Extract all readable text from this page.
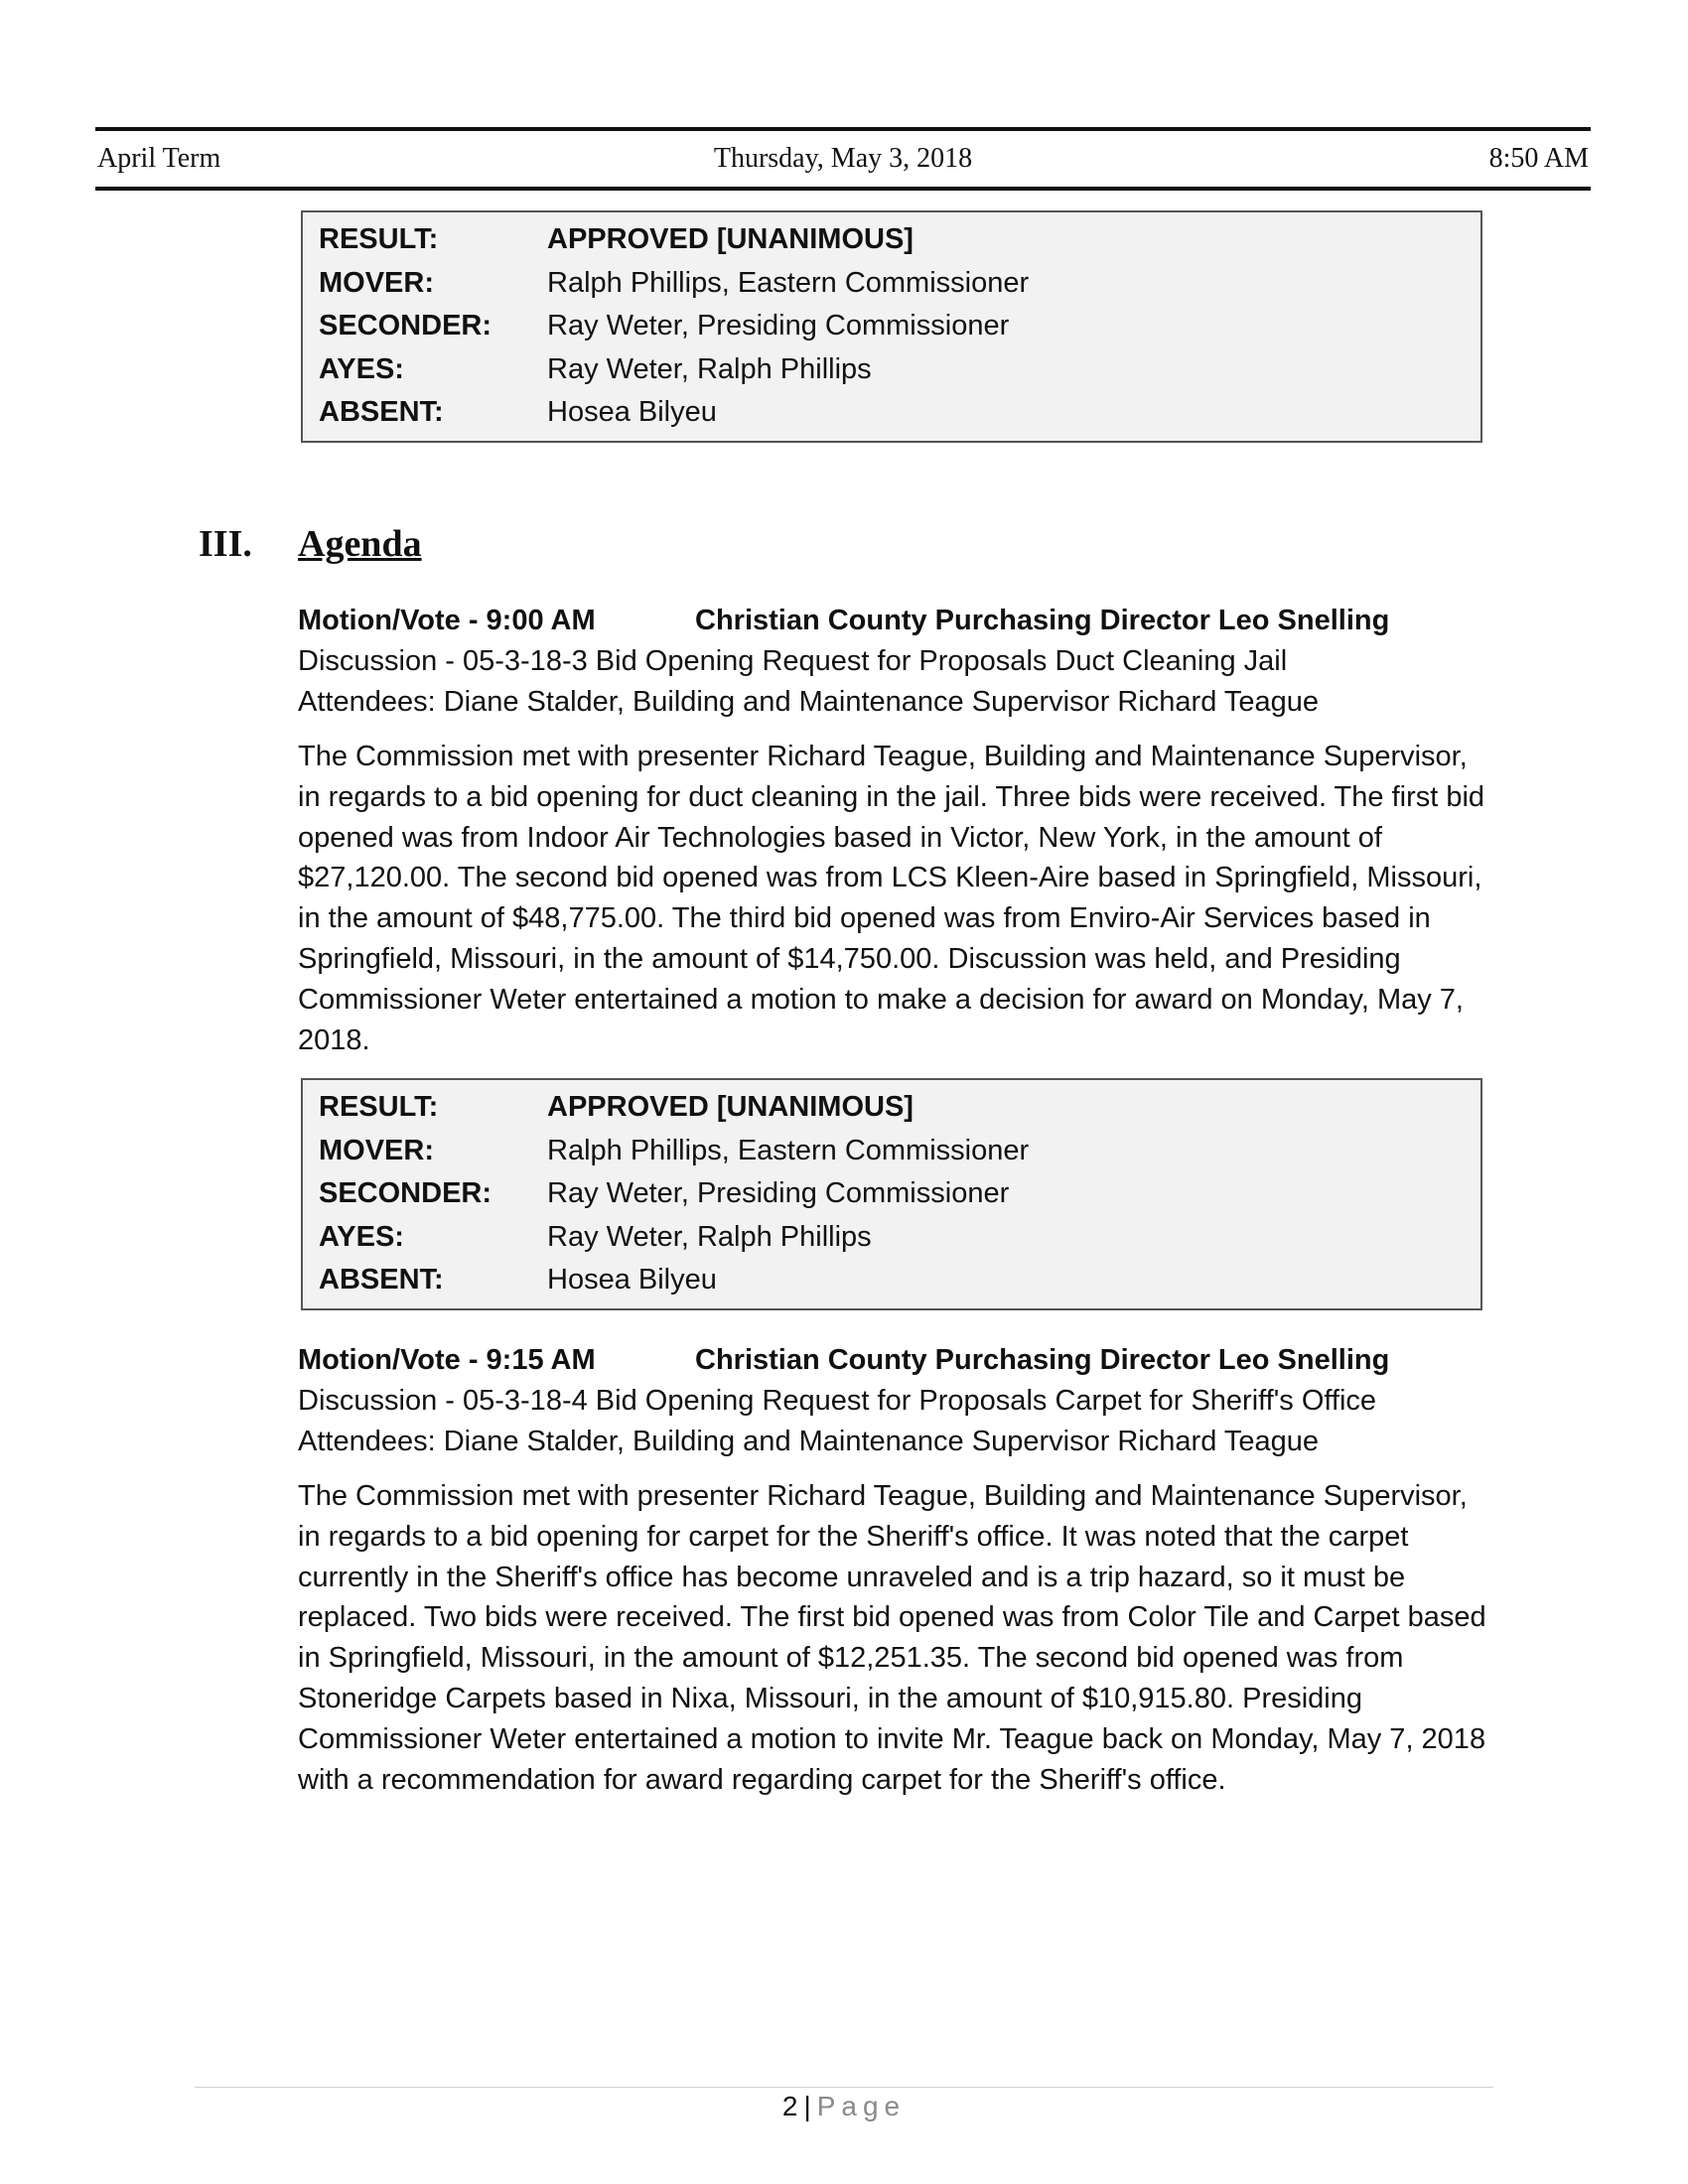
April Term	Thursday, May 3, 2018	8:50 AM
RESULT:	APPROVED [UNANIMOUS]
MOVER:	Ralph Phillips, Eastern Commissioner
SECONDER:	Ray Weter, Presiding Commissioner
AYES:	Ray Weter, Ralph Phillips
ABSENT:	Hosea Bilyeu
III. Agenda
Motion/Vote - 9:00 AM	Christian County Purchasing Director Leo Snelling
Discussion - 05-3-18-3 Bid Opening Request for Proposals Duct Cleaning Jail
Attendees: Diane Stalder, Building and Maintenance Supervisor Richard Teague
The Commission met with presenter Richard Teague, Building and Maintenance Supervisor, in regards to a bid opening for duct cleaning in the jail. Three bids were received. The first bid opened was from Indoor Air Technologies based in Victor, New York, in the amount of $27,120.00. The second bid opened was from LCS Kleen-Aire based in Springfield, Missouri, in the amount of $48,775.00. The third bid opened was from Enviro-Air Services based in Springfield, Missouri, in the amount of $14,750.00. Discussion was held, and Presiding Commissioner Weter entertained a motion to make a decision for award on Monday, May 7, 2018.
RESULT:	APPROVED [UNANIMOUS]
MOVER:	Ralph Phillips, Eastern Commissioner
SECONDER:	Ray Weter, Presiding Commissioner
AYES:	Ray Weter, Ralph Phillips
ABSENT:	Hosea Bilyeu
Motion/Vote - 9:15 AM	Christian County Purchasing Director Leo Snelling
Discussion - 05-3-18-4 Bid Opening Request for Proposals Carpet for Sheriff's Office
Attendees: Diane Stalder, Building and Maintenance Supervisor Richard Teague
The Commission met with presenter Richard Teague, Building and Maintenance Supervisor, in regards to a bid opening for carpet for the Sheriff's office. It was noted that the carpet currently in the Sheriff's office has become unraveled and is a trip hazard, so it must be replaced. Two bids were received. The first bid opened was from Color Tile and Carpet based in Springfield, Missouri, in the amount of $12,251.35. The second bid opened was from Stoneridge Carpets based in Nixa, Missouri, in the amount of $10,915.80. Presiding Commissioner Weter entertained a motion to invite Mr. Teague back on Monday, May 7, 2018 with a recommendation for award regarding carpet for the Sheriff's office.
2 | Page
